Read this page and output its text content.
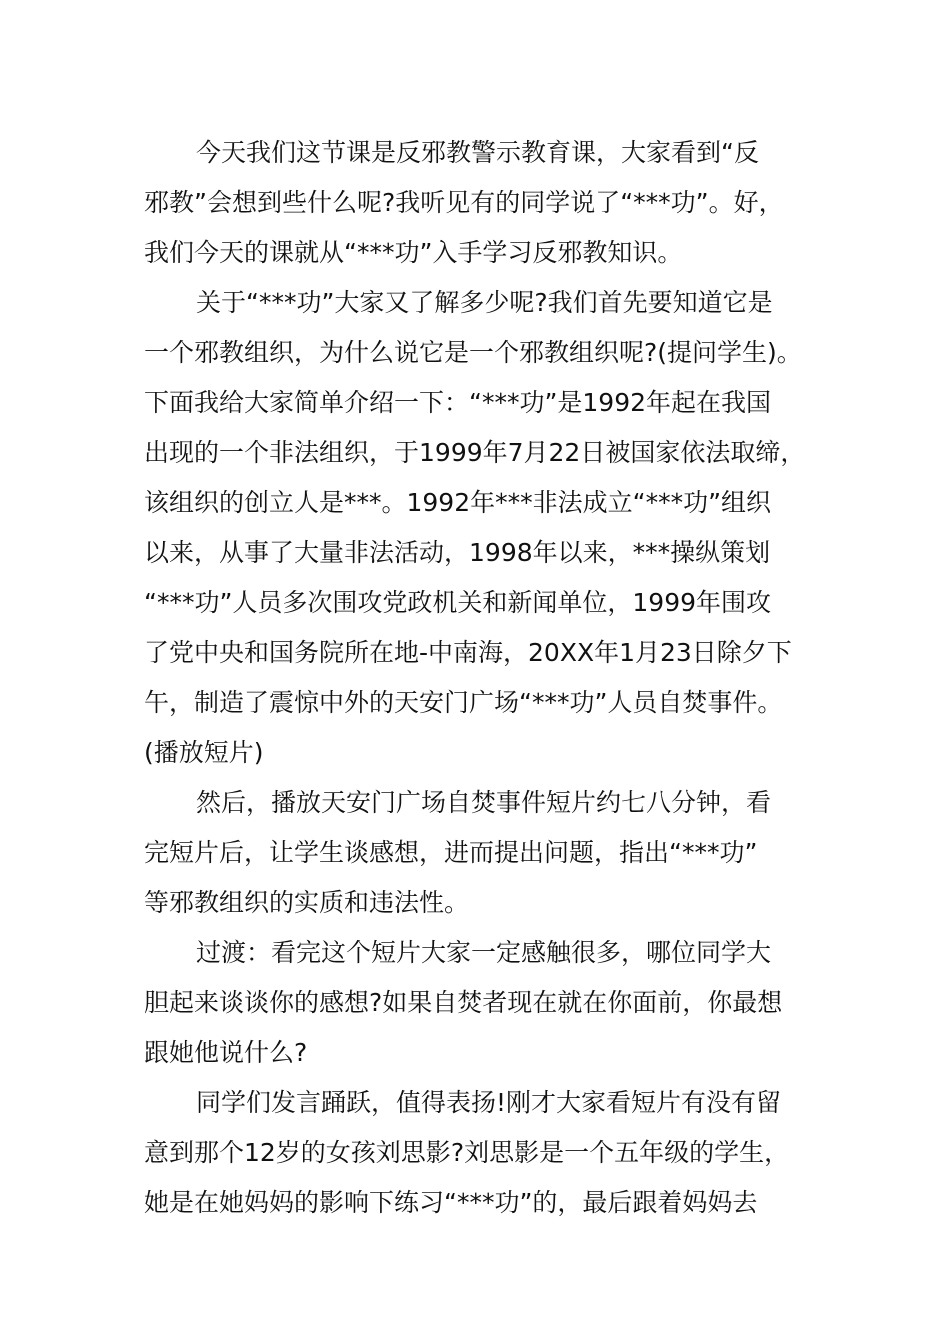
今天我们这节课是反邪教警示教育课，大家看到“反
邪教”会想到些什么呢?我听见有的同学说了“***功”。好，
我们今天的课就从“***功”入手学习反邪教知识。
关于“***功”大家又了解多少呢?我们首先要知道它是
一个邪教组织，为什么说它是一个邪教组织呢?(提问学生)。
下面我给大家简单介绍一下：“***功”是1992年起在我国
出现的一个非法组织，于1999年7月22日被国家依法取缔，
该组织的创立人是***。1992年***非法成立“***功”组织
以来，从事了大量非法活动，1998年以来，***操纵策划
“***功”人员多次围攻党政机关和新闻单位，1999年围攻
了党中央和国务院所在地-中南海，20XX年1月23日除夕下
午，制造了震惊中外的天安门广场“***功”人员自焚事件。
(播放短片)
然后，播放天安门广场自焚事件短片约七八分钟，看
完短片后，让学生谈感想，进而提出问题，指出“***功”
等邪教组织的实质和违法性。
过渡：看完这个短片大家一定感触很多，哪位同学大
胆起来谈谈你的感想?如果自焚者现在就在你面前，你最想
跟她他说什么?
同学们发言踊跃，值得表扬!刚才大家看短片有没有留
意到那个12岁的女孩刘思影?刘思影是一个五年级的学生，
她是在她妈妈的影响下练习“***功”的，最后跟着妈妈去
